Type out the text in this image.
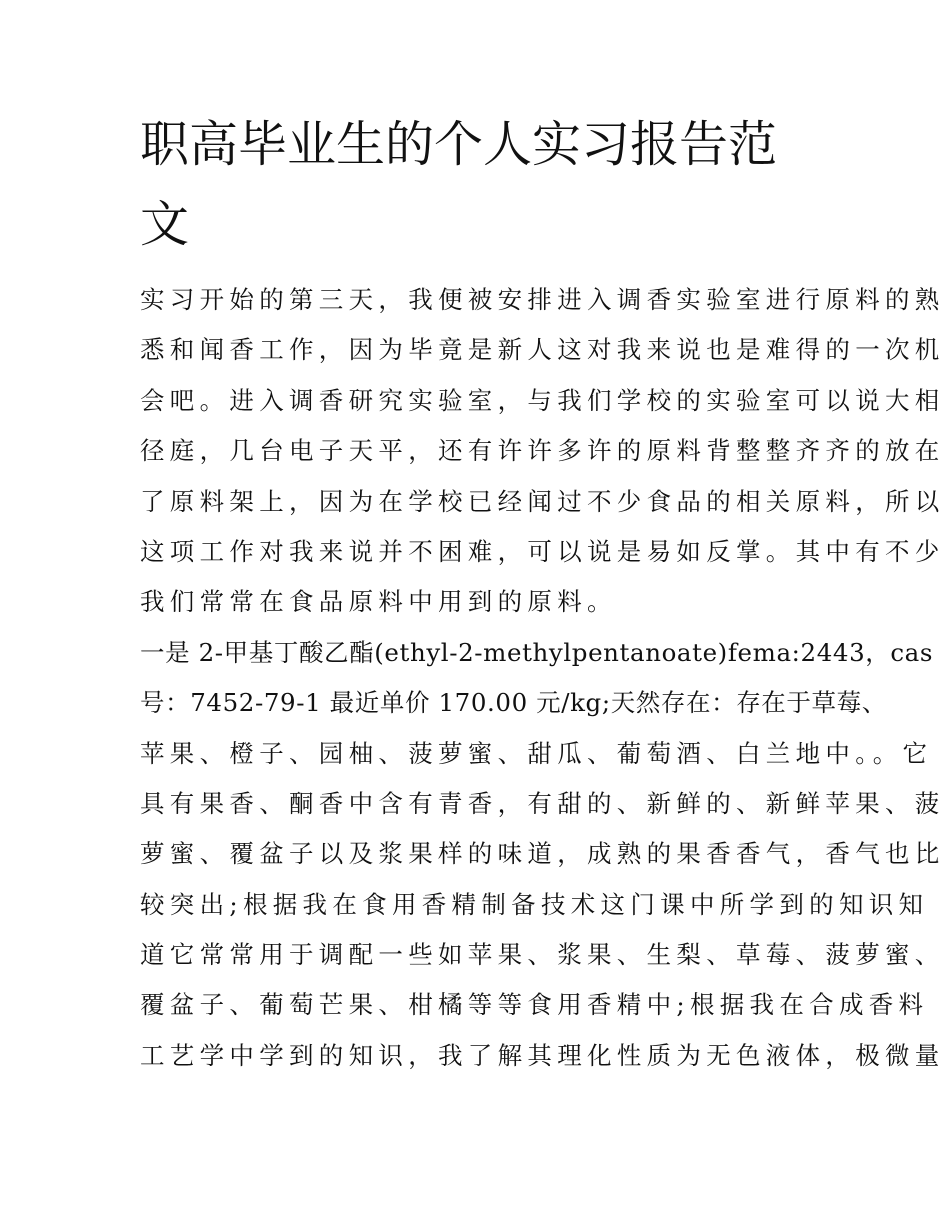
职高毕业生的个人实习报告范
文
实习开始的第三天，我便被安排进入调香实验室进行原料的熟
悉和闻香工作，因为毕竟是新人这对我来说也是难得的一次机
会吧。进入调香研究实验室，与我们学校的实验室可以说大相
径庭，几台电子天平，还有许许多许的原料背整整齐齐的放在
了原料架上，因为在学校已经闻过不少食品的相关原料，所以
这项工作对我来说并不困难，可以说是易如反掌。其中有不少
我们常常在食品原料中用到的原料。
一是 2-甲基丁酸乙酯(ethyl-2-methylpentanoate)fema:2443，cas
号：7452-79-1 最近单价 170.00 元/kg;天然存在：存在于草莓、
苹果、橙子、园柚、菠萝蜜、甜瓜、葡萄酒、白兰地中。。它
具有果香、酮香中含有青香，有甜的、新鲜的、新鲜苹果、菠
萝蜜、覆盆子以及浆果样的味道，成熟的果香香气，香气也比
较突出;根据我在食用香精制备技术这门课中所学到的知识知
道它常常用于调配一些如苹果、浆果、生梨、草莓、菠萝蜜、
覆盆子、葡萄芒果、柑橘等等食用香精中;根据我在合成香料
工艺学中学到的知识，我了解其理化性质为无色液体，极微量
